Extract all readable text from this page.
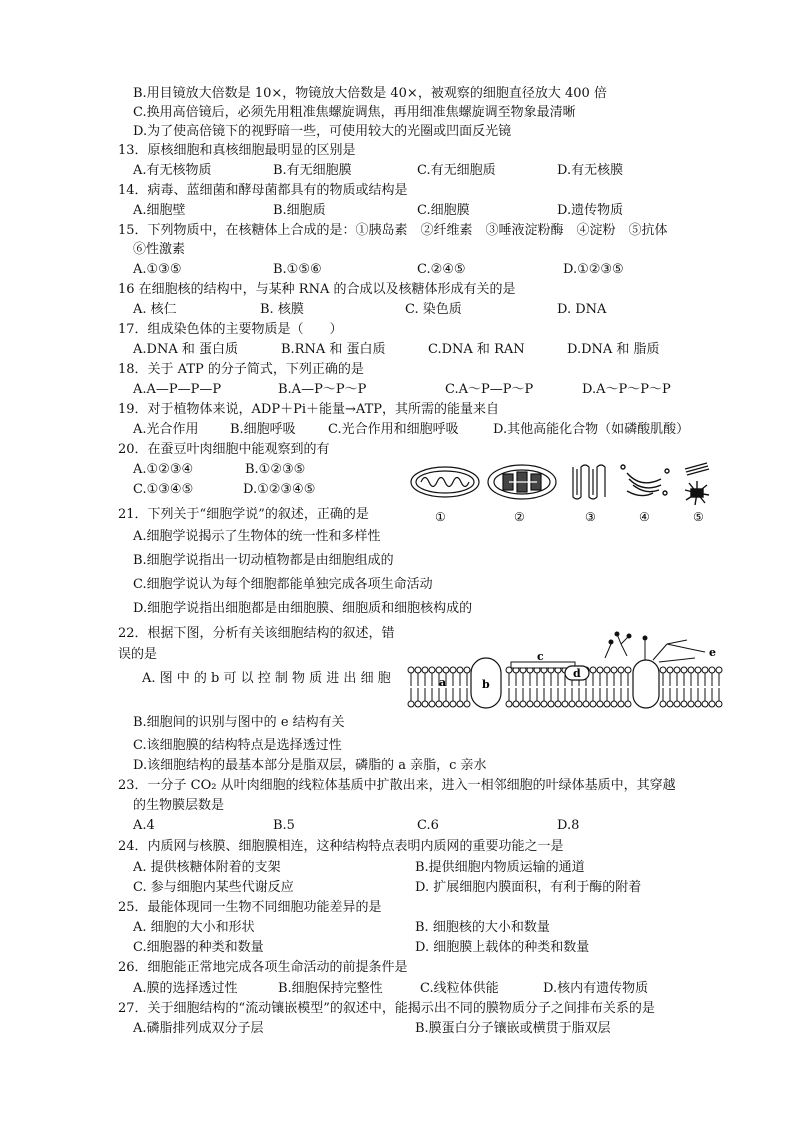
B.用目镜放大倍数是 10×，物镜放大倍数是 40×，被观察的细胞直径放大 400 倍
C.换用高倍镜后，必须先用粗准焦螺旋调焦，再用细准焦螺旋调至物象最清晰
D.为了使高倍镜下的视野暗一些，可使用较大的光圈或凹面反光镜
13．原核细胞和真核细胞最明显的区别是
A.有无核物质	B.有无细胞膜	C.有无细胞质	D.有无核膜
14．病毒、蓝细菌和酵母菌都具有的物质或结构是
A.细胞壁	B.细胞质	C.细胞膜	D.遗传物质
15．下列物质中，在核糖体上合成的是：①胰岛素　②纤维素　③唾液淀粉酶　④淀粉　⑤抗体
⑥性激素
A.①③⑤	B.①⑤⑥	C.②④⑤	D.①②③⑤
16 在细胞核的结构中，与某种 RNA 的合成以及核糖体形成有关的是
A. 核仁	B. 核膜	C. 染色质	D. DNA
17．组成染色体的主要物质是（　　）
A.DNA 和 蛋白质	B.RNA 和 蛋白质	C.DNA 和 RAN	D.DNA 和 脂质
18．关于 ATP 的分子简式，下列正确的是
A.A—P—P—P	B.A—P～P～P	C.A～P—P～P	D.A～P～P～P
19．对于植物体来说，ADP＋Pi＋能量→ATP，其所需的能量来自
A.光合作用 B.细胞呼吸 C.光合作用和细胞呼吸	D.其他高能化合物（如磷酸肌酸）
20．在蚕豆叶肉细胞中能观察到的有
A.①②③④	B.①②③⑤
C.①③④⑤	D.①②③④⑤
①	②	③	④	⑤
21．下列关于“细胞学说”的叙述，正确的是
A.细胞学说揭示了生物体的统一性和多样性
B.细胞学说指出一切动植物都是由细胞组成的
C.细胞学说认为每个细胞都能单独完成各项生命活动
D.细胞学说指出细胞都是由细胞膜、细胞质和细胞核构成的
22．根据下图，分析有关该细胞结构的叙述，错
误的是
A. 图 中 的 b 可 以 控 制 物 质 进 出 细 胞
B.细胞间的识别与图中的 e 结构有关
C.该细胞膜的结构特点是选择透过性
D.该细胞结构的最基本部分是脂双层，磷脂的 a 亲脂，c 亲水
a	b
c
d
e
23．一分子 CO₂ 从叶肉细胞的线粒体基质中扩散出来，进入一相邻细胞的叶绿体基质中，其穿越
的生物膜层数是
A.4	B.5	C.6	D.8
24．内质网与核膜、细胞膜相连，这种结构特点表明内质网的重要功能之一是
A. 提供核糖体附着的支架	B.提供细胞内物质运输的通道
C. 参与细胞内某些代谢反应	D. 扩展细胞内膜面积，有利于酶的附着
25．最能体现同一生物不同细胞功能差异的是
A. 细胞的大小和形状	B. 细胞核的大小和数量
C.细胞器的种类和数量	D. 细胞膜上载体的种类和数量
26．细胞能正常地完成各项生命活动的前提条件是
A.膜的选择透过性	B.细胞保持完整性	C.线粒体供能	D.核内有遗传物质
27．关于细胞结构的“流动镶嵌模型”的叙述中，能揭示出不同的膜物质分子之间排布关系的是
A.磷脂排列成双分子层	B.膜蛋白分子镶嵌或横贯于脂双层
